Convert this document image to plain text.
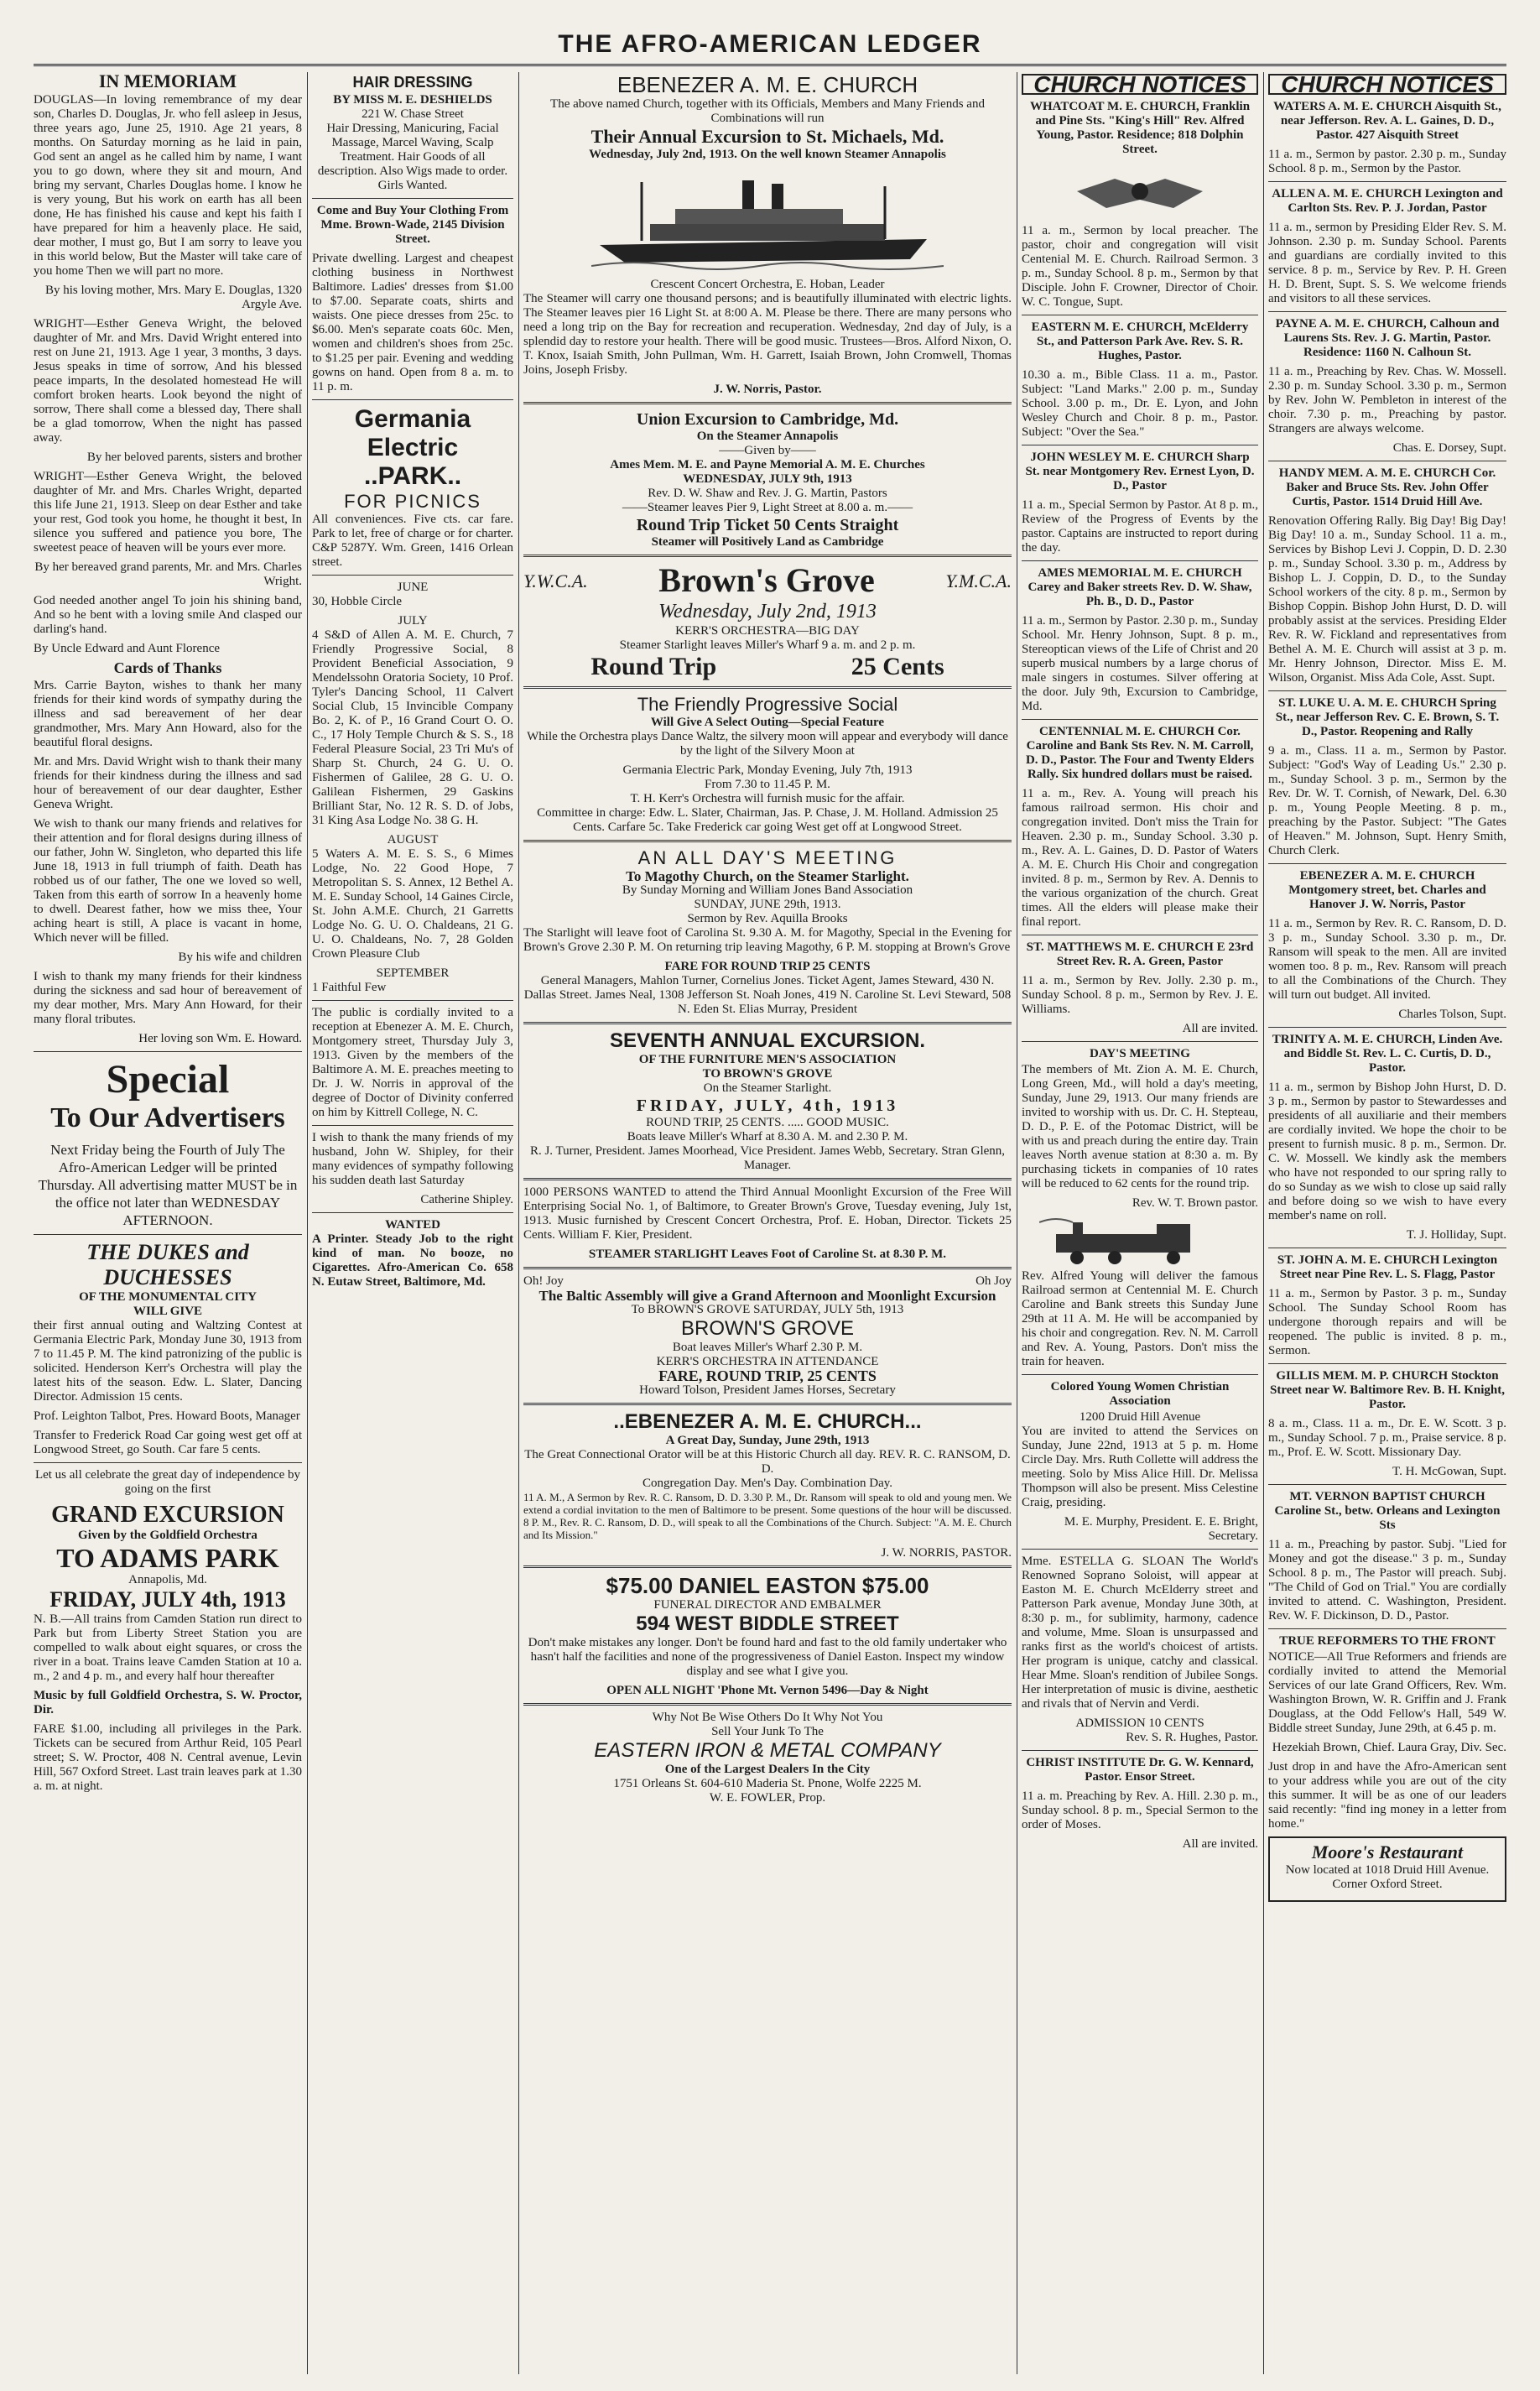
THE AFRO-AMERICAN LEDGER
IN MEMORIAM

DOUGLAS—In loving remembrance of my dear son, Charles D. Douglas, Jr. who fell asleep in Jesus, three years ago, June 25, 1910. Age 21 years, 8 months. On Saturday morning as he laid in pain, God sent an angel as he called him by name, I want you to go down, where they sit and mourn, And bring my servant, Charles Douglas home. I know he is very young, But his work on earth has all been done, He has finished his cause and kept his faith I have prepared for him a heavenly place. He said, dear mother, I must go, But I am sorry to leave you in this world below, But the Master will take care of you home Then we will part no more.

By his loving mother, Mrs. Mary E. Douglas, 1320 Argyle Ave.

WRIGHT—Esther Geneva Wright, the beloved daughter of Mr. and Mrs. David Wright entered into rest on June 21, 1913. Age 1 year, 3 months, 3 days. Jesus speaks in time of sorrow, And his blessed peace imparts, In the desolated homestead He will comfort broken hearts. Look beyond the night of sorrow, There shall come a blessed day, There shall be a glad tomorrow, When the night has passed away.

By her beloved parents, sisters and brother

WRIGHT—Esther Geneva Wright, the beloved daughter of Mr. and Mrs. Charles Wright, departed this life June 21, 1913. Sleep on dear Esther and take your rest, God took you home, he thought it best, In silence you suffered and patience you bore, The sweetest peace of heaven will be yours ever more.

By her bereaved grand parents, Mr. and Mrs. Charles Wright.

God needed another angel To join his shining band, And so he bent with a loving smile And clasped our darling's hand.

By Uncle Edward and Aunt Florence

Cards of Thanks

Mrs. Carrie Bayton, wishes to thank her many friends for their kind words of sympathy during the illness and sad bereavement of her dear grandmother, Mrs. Mary Ann Howard, also for the beautiful floral designs.

Mr. and Mrs. David Wright wish to thank their many friends for their kindness during the illness and sad hour of bereavement of our dear daughter, Esther Geneva Wright.

We wish to thank our many friends and relatives for their attention and for floral designs during illness of our father, John W. Singleton, who departed this life June 18, 1913 in full triumph of faith. Death has robbed us of our father, The one we loved so well, Taken from this earth of sorrow In a heavenly home to dwell. Dearest father, how we miss thee, Your aching heart is still, A place is vacant in home, Which never will be filled.

By his wife and children

I wish to thank my many friends for their kindness during the sickness and sad hour of bereavement of my dear mother, Mrs. Mary Ann Howard, for their many floral tributes.

Her loving son Wm. E. Howard.

Special
To Our Advertisers

Next Friday being the Fourth of July The Afro-American Ledger will be printed Thursday. All advertising matter MUST be in the office not later than WEDNESDAY AFTERNOON.

THE DUKES and DUCHESSES
OF THE MONUMENTAL CITY
WILL GIVE

their first annual outing and Waltzing Contest at Germania Electric Park, Monday June 30, 1913 from 7 to 11.45 P. M. The kind patronizing of the public is solicited. Henderson Kerr's Orchestra will play the latest hits of the season. Edw. L. Slater, Dancing Director. Admission 15 cents.

Prof. Leighton Talbot, Pres. Howard Boots, Manager

Transfer to Frederick Road Car going west get off at Longwood Street, go South. Car fare 5 cents.

Let us all celebrate the great day of independence by going on the first

GRAND EXCURSION
Given by the Goldfield Orchestra
TO ADAMS PARK
Annapolis, Md.
FRIDAY, JULY 4th, 1913

N. B.—All trains from Camden Station run direct to Park but from Liberty Street Station you are compelled to walk about eight squares, or cross the river in a boat. Trains leave Camden Station at 10 a. m., 2 and 4 p. m., and every half hour thereafter

Music by full Goldfield Orchestra, S. W. Proctor, Dir.

FARE $1.00, including all privileges in the Park. Tickets can be secured from Arthur Reid, 105 Pearl street; S. W. Proctor, 408 N. Central avenue, Levin Hill, 567 Oxford Street. Last train leaves park at 1.30 a. m. at night.

HAIR DRESSING
BY MISS M. E. DESHIELDS
221 W. Chase Street

Hair Dressing, Manicuring, Facial Massage, Marcel Waving, Scalp Treatment. Hair Goods of all description. Also Wigs made to order. Girls Wanted.

Come and Buy Your Clothing From Mme. Brown-Wade, 2145 Division Street.

Private dwelling. Largest and cheapest clothing business in Northwest Baltimore. Ladies' dresses from $1.00 to $7.00. Separate coats, shirts and waists. One piece dresses from 25c. to $6.00. Men's separate coats 60c. Men, women and children's shoes from 25c. to $1.25 per pair. Evening and wedding gowns on hand. Open from 8 a. m. to 11 p. m.

Germania Electric
..PARK..
FOR PICNICS

All conveniences. Five cts. car fare. Park to let, free of charge or for charter. C&P 5287Y. Wm. Green, 1416 Orlean street.

JUNE

30, Hobble Circle

JULY

4 S&D of Allen A. M. E. Church, 7 Friendly Progressive Social, 8 Provident Beneficial Association, 9 Mendelssohn Oratoria Society, 10 Prof. Tyler's Dancing School, 11 Calvert Social Club, 15 Invincible Company Bo. 2, K. of P., 16 Grand Court O. O. C., 17 Holy Temple Church & S. S., 18 Federal Pleasure Social, 23 Tri Mu's of Sharp St. Church, 24 G. U. O. Fishermen of Galilee, 28 G. U. O. Galilean Fishermen, 29 Gaskins Brilliant Star, No. 12 R. S. D. of Jobs, 31 King Asa Lodge No. 38 G. H.

AUGUST

5 Waters A. M. E. S. S., 6 Mimes Lodge, No. 22 Good Hope, 7 Metropolitan S. S. Annex, 12 Bethel A. M. E. Sunday School, 14 Gaines Circle, St. John A.M.E. Church, 21 Garretts Lodge No. G. U. O. Chaldeans, 21 G. U. O. Chaldeans, No. 7, 28 Golden Crown Pleasure Club

SEPTEMBER

1 Faithful Few

The public is cordially invited to a reception at Ebenezer A. M. E. Church, Montgomery street, Thursday July 3, 1913. Given by the members of the Baltimore A. M. E. preaches meeting to Dr. J. W. Norris in approval of the degree of Doctor of Divinity conferred on him by Kittrell College, N. C.

I wish to thank the many friends of my husband, John W. Shipley, for their many evidences of sympathy following his sudden death last Saturday

Catherine Shipley.

WANTED

A Printer. Steady Job to the right kind of man. No booze, no Cigarettes. Afro-American Co. 658 N. Eutaw Street, Baltimore, Md.

EBENEZER A. M. E. CHURCH
The above named Church, together with its Officials, Members and Many Friends and Combinations will run
Their Annual Excursion to St. Michaels, Md.
Wednesday, July 2nd, 1913. On the well known Steamer Annapolis
Crescent Concert Orchestra, E. Hoban, Leader

The Steamer will carry one thousand persons; and is beautifully illuminated with electric lights. The Steamer leaves pier 16 Light St. at 8:00 A. M. Please be there. There are many persons who need a long trip on the Bay for recreation and recuperation. Wednesday, 2nd day of July, is a splendid day to restore your health. There will be good music. Trustees—Bros. Alford Nixon, O. T. Knox, Isaiah Smith, John Pullman, Wm. H. Garrett, Isaiah Brown, John Cromwell, Thomas Joins, Joseph Frisby.

J. W. Norris, Pastor.
Union Excursion to Cambridge, Md.
On the Steamer Annapolis
——Given by——
Ames Mem. M. E. and Payne Memorial A. M. E. Churches
WEDNESDAY, JULY 9th, 1913
Rev. D. W. Shaw and Rev. J. G. Martin, Pastors
——Steamer leaves Pier 9, Light Street at 8.00 a. m.——
Round Trip Ticket 50 Cents Straight
Steamer will Positively Land as Cambridge
Y.W.C.A. Brown's Grove	Y.M.C.A.
Wednesday, July 2nd, 1913
KERR'S ORCHESTRA—BIG DAY
Steamer Starlight leaves Miller's Wharf 9 a. m. and 2 p. m.
Round Trip	25 Cents
The Friendly Progressive Social
Will Give A Select Outing—Special Feature

While the Orchestra plays Dance Waltz, the silvery moon will appear and everybody will dance by the light of the Silvery Moon at

Germania Electric Park, Monday Evening, July 7th, 1913
From 7.30 to 11.45 P. M.
T. H. Kerr's Orchestra will furnish music for the affair.

Committee in charge: Edw. L. Slater, Chairman, Jas. P. Chase, J. M. Holland. Admission 25 Cents. Carfare 5c. Take Frederick car going West get off at Longwood Street.

AN ALL DAY'S MEETING
To Magothy Church, on the Steamer Starlight.
By Sunday Morning and William Jones Band Association
SUNDAY, JUNE 29th, 1913.
Sermon by Rev. Aquilla Brooks

The Starlight will leave foot of Carolina St. 9.30 A. M. for Magothy, Special in the Evening for Brown's Grove 2.30 P. M. On returning trip leaving Magothy, 6 P. M. stopping at Brown's Grove

FARE FOR ROUND TRIP 25 CENTS

General Managers, Mahlon Turner, Cornelius Jones. Ticket Agent, James Steward, 430 N. Dallas Street. James Neal, 1308 Jefferson St. Noah Jones, 419 N. Caroline St. Levi Steward, 508 N. Eden St. Elias Murray, President

SEVENTH ANNUAL EXCURSION.
OF THE FURNITURE MEN'S ASSOCIATION
TO BROWN'S GROVE
On the Steamer Starlight.
FRIDAY, JULY, 4th, 1913
ROUND TRIP, 25 CENTS. ..... GOOD MUSIC.
Boats leave Miller's Wharf at 8.30 A. M. and 2.30 P. M.
R. J. Turner, President. James Moorhead, Vice President. James Webb, Secretary. Stran Glenn, Manager.

1000 PERSONS WANTED to attend the Third Annual Moonlight Excursion of the Free Will Enterprising Social No. 1, of Baltimore, to Greater Brown's Grove, Tuesday evening, July 1st, 1913. Music furnished by Crescent Concert Orchestra, Prof. E. Hoban, Director. Tickets 25 Cents. William F. Kier, President.

STEAMER STARLIGHT Leaves Foot of Caroline St. at 8.30 P. M.
Oh! Joy	Oh Joy
The Baltic Assembly will give a Grand Afternoon and Moonlight Excursion
To BROWN'S GROVE SATURDAY, JULY 5th, 1913
BROWN'S GROVE
Boat leaves Miller's Wharf 2.30 P. M.
KERR'S ORCHESTRA IN ATTENDANCE
FARE, ROUND TRIP, 25 CENTS
Howard Tolson, President James Horses, Secretary
..EBENEZER A. M. E. CHURCH...
A Great Day, Sunday, June 29th, 1913
The Great Connectional Orator will be at this Historic Church all day. REV. R. C. RANSOM, D. D.
Congregation Day. Men's Day. Combination Day.

11 A. M., A Sermon by Rev. R. C. Ransom, D. D. 3.30 P. M., Dr. Ransom will speak to old and young men. We extend a cordial invitation to the men of Baltimore to be present. Some questions of the hour will be discussed. 8 P. M., Rev. R. C. Ransom, D. D., will speak to all the Combinations of the Church. Subject: "A. M. E. Church and Its Mission."

J. W. NORRIS, PASTOR.
$75.00 DANIEL EASTON $75.00
FUNERAL DIRECTOR AND EMBALMER
594 WEST BIDDLE STREET

Don't make mistakes any longer. Don't be found hard and fast to the old family undertaker who hasn't half the facilities and none of the progressiveness of Daniel Easton. Inspect my window display and see what I give you.

OPEN ALL NIGHT 'Phone Mt. Vernon 5496—Day & Night
Why Not Be Wise Others Do It Why Not You
Sell Your Junk To The
EASTERN IRON & METAL COMPANY
One of the Largest Dealers In the City
1751 Orleans St. 604-610 Maderia St. Pnone, Wolfe 2225 M.
W. E. FOWLER, Prop.
CHURCH NOTICES

WHATCOAT M. E. CHURCH, Franklin and Pine Sts. "King's Hill" Rev. Alfred Young, Pastor. Residence; 818 Dolphin Street.

11 a. m., Sermon by local preacher. The pastor, choir and congregation will visit Centenial M. E. Church. Railroad Sermon. 3 p. m., Sunday School. 8 p. m., Sermon by that Disciple. John F. Crowner, Director of Choir. W. C. Tongue, Supt.

EASTERN M. E. CHURCH, McElderry St., and Patterson Park Ave. Rev. S. R. Hughes, Pastor.

10.30 a. m., Bible Class. 11 a. m., Pastor. Subject: "Land Marks." 2.00 p. m., Sunday School. 3.00 p. m., Dr. E. Lyon, and John Wesley Church and Choir. 8 p. m., Pastor. Subject: "Over the Sea."

JOHN WESLEY M. E. CHURCH Sharp St. near Montgomery Rev. Ernest Lyon, D. D., Pastor

11 a. m., Special Sermon by Pastor. At 8 p. m., Review of the Progress of Events by the pastor. Captains are instructed to report during the day.

AMES MEMORIAL M. E. CHURCH Carey and Baker streets Rev. D. W. Shaw, Ph. B., D. D., Pastor

11 a. m., Sermon by Pastor. 2.30 p. m., Sunday School. Mr. Henry Johnson, Supt. 8 p. m., Stereoptican views of the Life of Christ and 20 superb musical numbers by a large chorus of male singers in costumes. Silver offering at the door. July 9th, Excursion to Cambridge, Md.

CENTENNIAL M. E. CHURCH Cor. Caroline and Bank Sts Rev. N. M. Carroll, D. D., Pastor. The Four and Twenty Elders Rally. Six hundred dollars must be raised.

11 a. m., Rev. A. Young will preach his famous railroad sermon. His choir and congregation invited. Don't miss the Train for Heaven. 2.30 p. m., Sunday School. 3.30 p. m., Rev. A. L. Gaines, D. D. Pastor of Waters A. M. E. Church His Choir and congregation invited. 8 p. m., Sermon by Rev. A. Dennis to the various organization of the church. Great times. All the elders will please make their final report.

ST. MATTHEWS M. E. CHURCH E 23rd Street Rev. R. A. Green, Pastor

11 a. m., Sermon by Rev. Jolly. 2.30 p. m., Sunday School. 8 p. m., Sermon by Rev. J. E. Williams.

All are invited.

DAY'S MEETING

The members of Mt. Zion A. M. E. Church, Long Green, Md., will hold a day's meeting, Sunday, June 29, 1913. Our many friends are invited to worship with us. Dr. C. H. Stepteau, D. D., P. E. of the Potomac District, will be with us and preach during the entire day. Train leaves North avenue station at 8:30 a. m. By purchasing tickets in companies of 10 rates will be reduced to 62 cents for the round trip.

Rev. W. T. Brown pastor.

Rev. Alfred Young will deliver the famous Railroad sermon at Centennial M. E. Church Caroline and Bank streets this Sunday June 29th at 11 A. M. He will be accompanied by his choir and congregation. Rev. N. M. Carroll and Rev. A. Young, Pastors. Don't miss the train for heaven.

Colored Young Women Christian Association
1200 Druid Hill Avenue

You are invited to attend the Services on Sunday, June 22nd, 1913 at 5 p. m. Home Circle Day. Mrs. Ruth Collette will address the meeting. Solo by Miss Alice Hill. Dr. Melissa Thompson will also be present. Miss Celestine Craig, presiding.

M. E. Murphy, President. E. E. Bright, Secretary.

Mme. ESTELLA G. SLOAN The World's Renowned Soprano Soloist, will appear at Easton M. E. Church McElderry street and Patterson Park avenue, Monday June 30th, at 8:30 p. m., for sublimity, harmony, cadence and volume, Mme. Sloan is unsurpassed and ranks first as the world's choicest of artists. Her program is unique, catchy and classical. Hear Mme. Sloan's rendition of Jubilee Songs. Her interpretation of music is divine, aesthetic and rivals that of Nervin and Verdi.

ADMISSION 10 CENTS

Rev. S. R. Hughes, Pastor.

CHRIST INSTITUTE Dr. G. W. Kennard, Pastor. Ensor Street.

11 a. m. Preaching by Rev. A. Hill. 2.30 p. m., Sunday school. 8 p. m., Special Sermon to the order of Moses.

All are invited.

CHURCH NOTICES

WATERS A. M. E. CHURCH Aisquith St., near Jefferson. Rev. A. L. Gaines, D. D., Pastor. 427 Aisquith Street

11 a. m., Sermon by pastor. 2.30 p. m., Sunday School. 8 p. m., Sermon by the Pastor.

ALLEN A. M. E. CHURCH Lexington and Carlton Sts. Rev. P. J. Jordan, Pastor

11 a. m., sermon by Presiding Elder Rev. S. M. Johnson. 2.30 p. m. Sunday School. Parents and guardians are cordially invited to this service. 8 p. m., Service by Rev. P. H. Green H. D. Brent, Supt. S. S. We welcome friends and visitors to all these services.

PAYNE A. M. E. CHURCH, Calhoun and Laurens Sts. Rev. J. G. Martin, Pastor. Residence: 1160 N. Calhoun St.

11 a. m., Preaching by Rev. Chas. W. Mossell. 2.30 p. m. Sunday School. 3.30 p. m., Sermon by Rev. John W. Pembleton in interest of the choir. 7.30 p. m., Preaching by pastor. Strangers are always welcome.

Chas. E. Dorsey, Supt.

HANDY MEM. A. M. E. CHURCH Cor. Baker and Bruce Sts. Rev. John Offer Curtis, Pastor. 1514 Druid Hill Ave.

Renovation Offering Rally. Big Day! Big Day! Big Day! 10 a. m., Sunday School. 11 a. m., Services by Bishop Levi J. Coppin, D. D. 2.30 p. m., Sunday School. 3.30 p. m., Address by Bishop L. J. Coppin, D. D., to the Sunday School workers of the city. 8 p. m., Sermon by Bishop Coppin. Bishop John Hurst, D. D. will probably assist at the services. Presiding Elder Rev. R. W. Fickland and representatives from Bethel A. M. E. Church will assist at 3 p. m. Mr. Henry Johnson, Director. Miss E. M. Wilson, Organist. Miss Ada Cole, Asst. Supt.

ST. LUKE U. A. M. E. CHURCH Spring St., near Jefferson Rev. C. E. Brown, S. T. D., Pastor. Reopening and Rally

9 a. m., Class. 11 a. m., Sermon by Pastor. Subject: "God's Way of Leading Us." 2.30 p. m., Sunday School. 3 p. m., Sermon by the Rev. Dr. W. T. Cornish, of Newark, Del. 6.30 p. m., Young People Meeting. 8 p. m., preaching by the Pastor. Subject: "The Gates of Heaven." M. Johnson, Supt. Henry Smith, Church Clerk.

EBENEZER A. M. E. CHURCH Montgomery street, bet. Charles and Hanover J. W. Norris, Pastor

11 a. m., Sermon by Rev. R. C. Ransom, D. D. 3 p. m., Sunday School. 3.30 p. m., Dr. Ransom will speak to the men. All are invited women too. 8 p. m., Rev. Ransom will preach to all the Combinations of the Church. They will turn out budget. All invited.

Charles Tolson, Supt.

TRINITY A. M. E. CHURCH, Linden Ave. and Biddle St. Rev. L. C. Curtis, D. D., Pastor.

11 a. m., sermon by Bishop John Hurst, D. D. 3 p. m., Sermon by pastor to Stewardesses and presidents of all auxiliarie and their members are cordially invited. We hope the choir to be present to furnish music. 8 p. m., Sermon. Dr. C. W. Mossell. We kindly ask the members who have not responded to our spring rally to do so Sunday as we wish to close up said rally and before doing so we wish to have every member's name on roll.

T. J. Holliday, Supt.

ST. JOHN A. M. E. CHURCH Lexington Street near Pine Rev. L. S. Flagg, Pastor

11 a. m., Sermon by Pastor. 3 p. m., Sunday School. The Sunday School Room has undergone thorough repairs and will be reopened. The public is invited. 8 p. m., Sermon.

GILLIS MEM. M. P. CHURCH Stockton Street near W. Baltimore Rev. B. H. Knight, Pastor.

8 a. m., Class. 11 a. m., Dr. E. W. Scott. 3 p. m., Sunday School. 7 p. m., Praise service. 8 p. m., Prof. E. W. Scott. Missionary Day.

T. H. McGowan, Supt.

MT. VERNON BAPTIST CHURCH Caroline St., betw. Orleans and Lexington Sts

11 a. m., Preaching by pastor. Subj. "Lied for Money and got the disease." 3 p. m., Sunday School. 8 p. m., The Pastor will preach. Subj. "The Child of God on Trial." You are cordially invited to attend. C. Washington, President. Rev. W. F. Dickinson, D. D., Pastor.

TRUE REFORMERS TO THE FRONT

NOTICE—All True Reformers and friends are cordially invited to attend the Memorial Services of our late Grand Officers, Rev. Wm. Washington Brown, W. R. Griffin and J. Frank Douglass, at the Odd Fellow's Hall, 549 W. Biddle street Sunday, June 29th, at 6.45 p. m.

Hezekiah Brown, Chief. Laura Gray, Div. Sec.

Just drop in and have the Afro-American sent to your address while you are out of the city this summer. It will be as one of our leaders said recently: "find ing money in a letter from home."

Moore's Restaurant

Now located at 1018 Druid Hill Avenue. Corner Oxford Street.
